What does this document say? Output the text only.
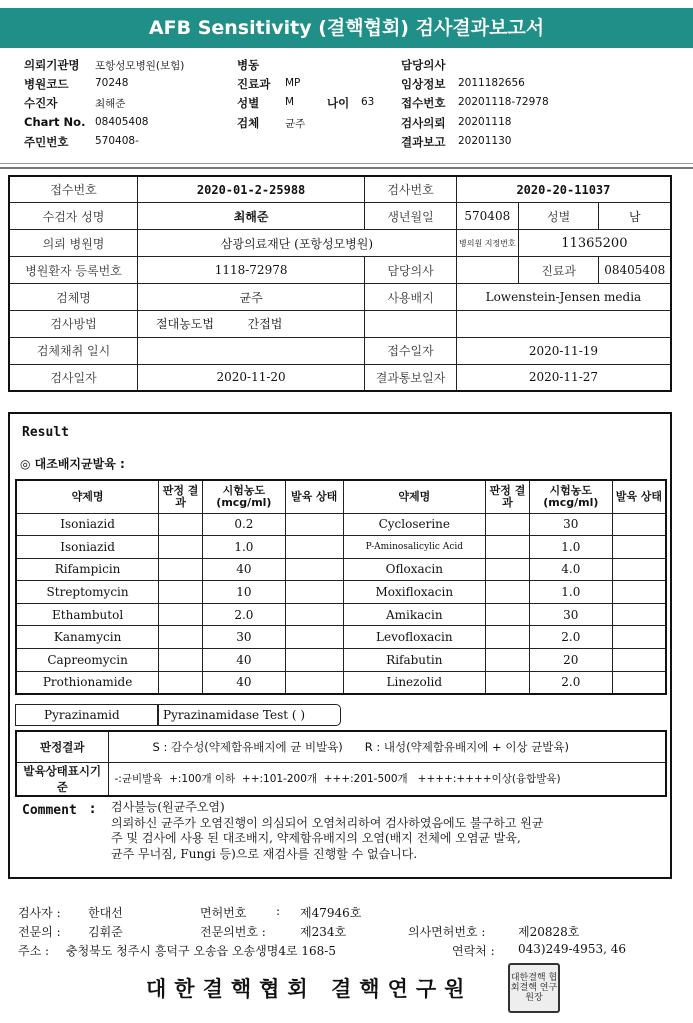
AFB Sensitivity (결핵협회) 검사결과보고서
의뢰기관명 포항성모병원(보험)
병원코드	70248
수진자	최해준
Chart No. 08405408
주민번호	570408-
병동
진료과 MP
성별 M	나이 63
검체 균주
담당의사
임상정보 2011182656
접수번호 20201118-72978
검사의뢰 20201118
결과보고 20201130
접수번호	2020-01-2-25988	검사번호	2020-20-11037		
수검자 성명	최해준	생년월일	570408	성별	남
의뢰 병원명	삼광의료재단 (포항성모병원)		병의원 지정번호	11365200	
병원환자 등록번호	1118-72978	담당의사		진료과	08405408
검체명	균주	사용배지	Lowenstein-Jensen media		
검사방법	절대농도법 간접법				
검체채취 일시		접수일자	2020-11-19		
검사일자	2020-11-20	결과통보일자	2020-11-27		
Result
◎ 대조배지균발육 :
약제명	판정 결과	시험농도 (mcg/ml)	발육 상태	약제명	판정 결과	시험농도 (mcg/ml)	발육 상태
Isoniazid		0.2		Cycloserine		30	
Isoniazid		1.0		P-Aminosalicylic Acid		1.0	
Rifampicin		40		Ofloxacin		4.0	
Streptomycin		10		Moxifloxacin		1.0	
Ethambutol		2.0		Amikacin		30	
Kanamycin		30		Levofloxacin		2.0	
Capreomycin		40		Rifabutin		20	
Prothionamide		40		Linezolid		2.0	
Pyrazinamid	Pyrazinamidase Test ( )
판정결과	S : 감수성(약제함유배지에 균 비발육)      R : 내성(약제함유배지에 + 이상 균발육)
발육상태표시기준	-:균비발육  +:100개 이하  ++:101-200개  +++:201-500개   ++++:++++이상(융합발육)
Comment : 검사불능(원균주오염)
의뢰하신 균주가 오염진행이 의심되어 오염처리하여 검사하였음에도 불구하고 원균
주 및 검사에 사용 된 대조배지, 약제함유배지의 오염(배지 전체에 오염균 발육,
균주 무너짐, Fungi 등)으로 재검사를 진행할 수 없습니다.
검사자 : 한대선	면허번호 : 제47946호
전문의 : 김휘준	전문의번호 :	제234호	의사면허번호 :	제20828호
주소 : 충청북도 청주시 흥덕구 오송읍 오송생명4로 168-5	연락처 : 043)249-4953, 46
대한결핵협회 결핵연구원	대한결핵 협회결핵 연구원장
